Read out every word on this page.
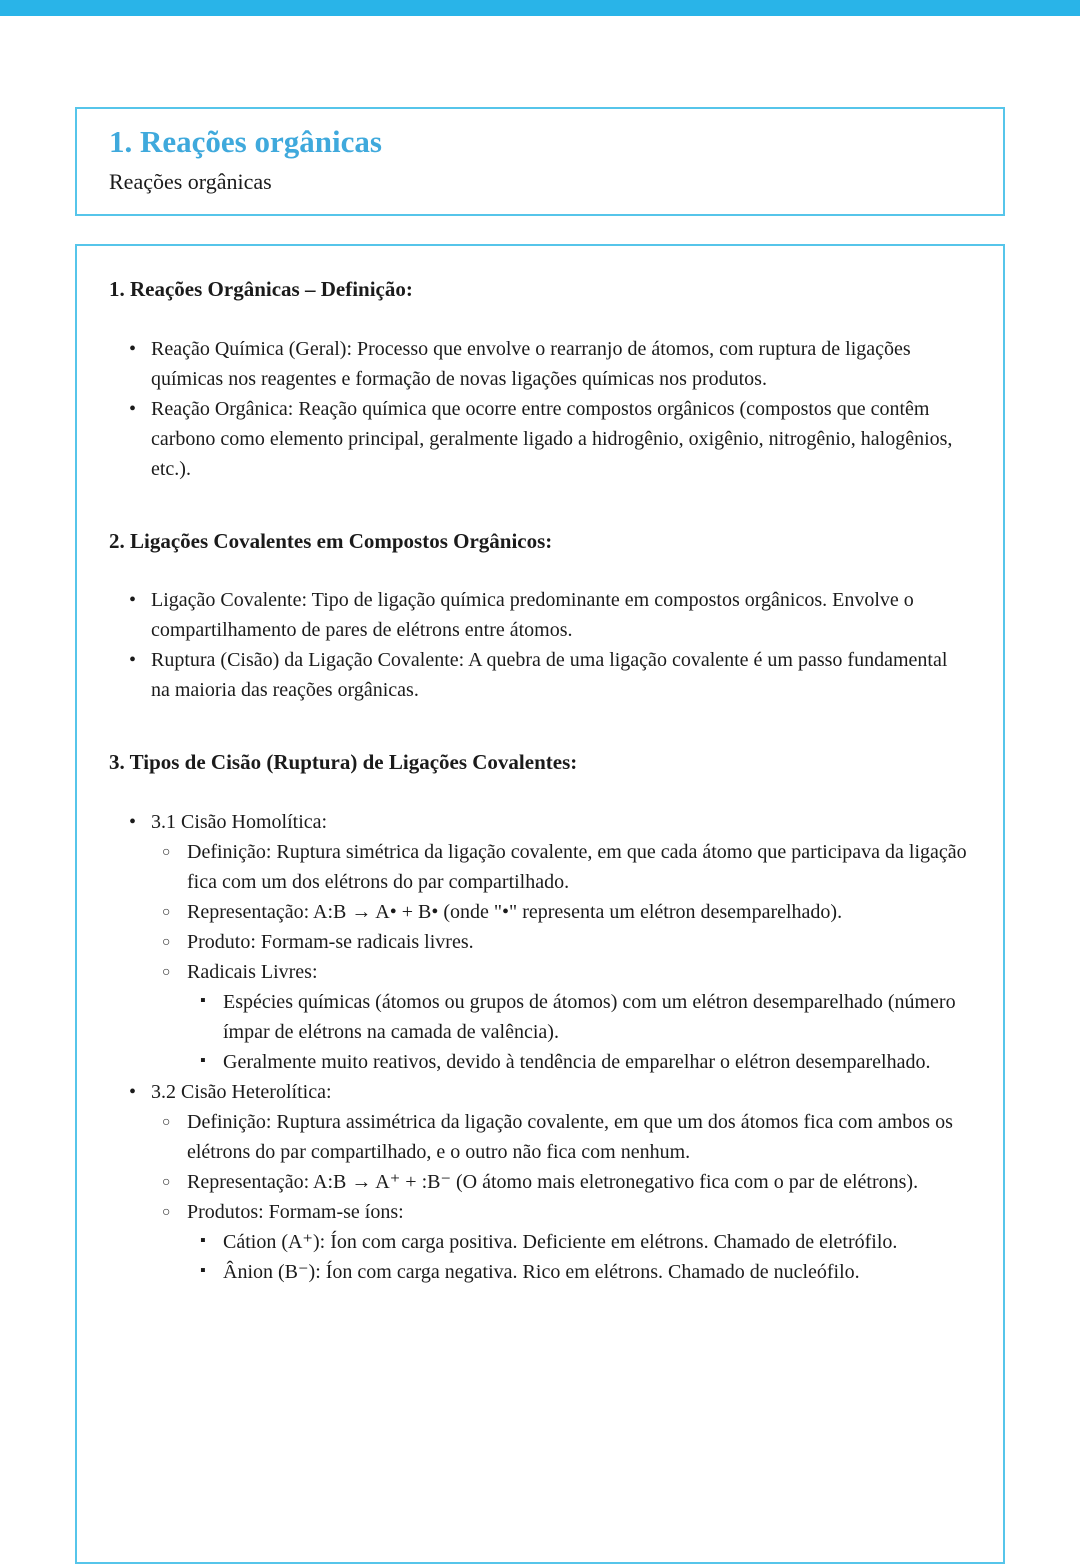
1. Reações orgânicas
Reações orgânicas
1. Reações Orgânicas – Definição:
• Reação Química (Geral): Processo que envolve o rearranjo de átomos, com ruptura de ligações químicas nos reagentes e formação de novas ligações químicas nos produtos.
• Reação Orgânica: Reação química que ocorre entre compostos orgânicos (compostos que contêm carbono como elemento principal, geralmente ligado a hidrogênio, oxigênio, nitrogênio, halogênios, etc.).
2. Ligações Covalentes em Compostos Orgânicos:
• Ligação Covalente: Tipo de ligação química predominante em compostos orgânicos. Envolve o compartilhamento de pares de elétrons entre átomos.
• Ruptura (Cisão) da Ligação Covalente: A quebra de uma ligação covalente é um passo fundamental na maioria das reações orgânicas.
3. Tipos de Cisão (Ruptura) de Ligações Covalentes:
• 3.1 Cisão Homolítica:
○ Definição: Ruptura simétrica da ligação covalente, em que cada átomo que participava da ligação fica com um dos elétrons do par compartilhado.
○ Representação: A:B → A• + B• (onde "•" representa um elétron desemparelhado).
○ Produto: Formam-se radicais livres.
○ Radicais Livres:
▪ Espécies químicas (átomos ou grupos de átomos) com um elétron desemparelhado (número ímpar de elétrons na camada de valência).
▪ Geralmente muito reativos, devido à tendência de emparelhar o elétron desemparelhado.
• 3.2 Cisão Heterolítica:
○ Definição: Ruptura assimétrica da ligação covalente, em que um dos átomos fica com ambos os elétrons do par compartilhado, e o outro não fica com nenhum.
○ Representação: A:B → A⁺ + :B⁻ (O átomo mais eletronegativo fica com o par de elétrons).
○ Produtos: Formam-se íons:
▪ Cátion (A⁺): Íon com carga positiva. Deficiente em elétrons. Chamado de eletrófilo.
▪ Ânion (B⁻): Íon com carga negativa. Rico em elétrons. Chamado de nucleófilo.
